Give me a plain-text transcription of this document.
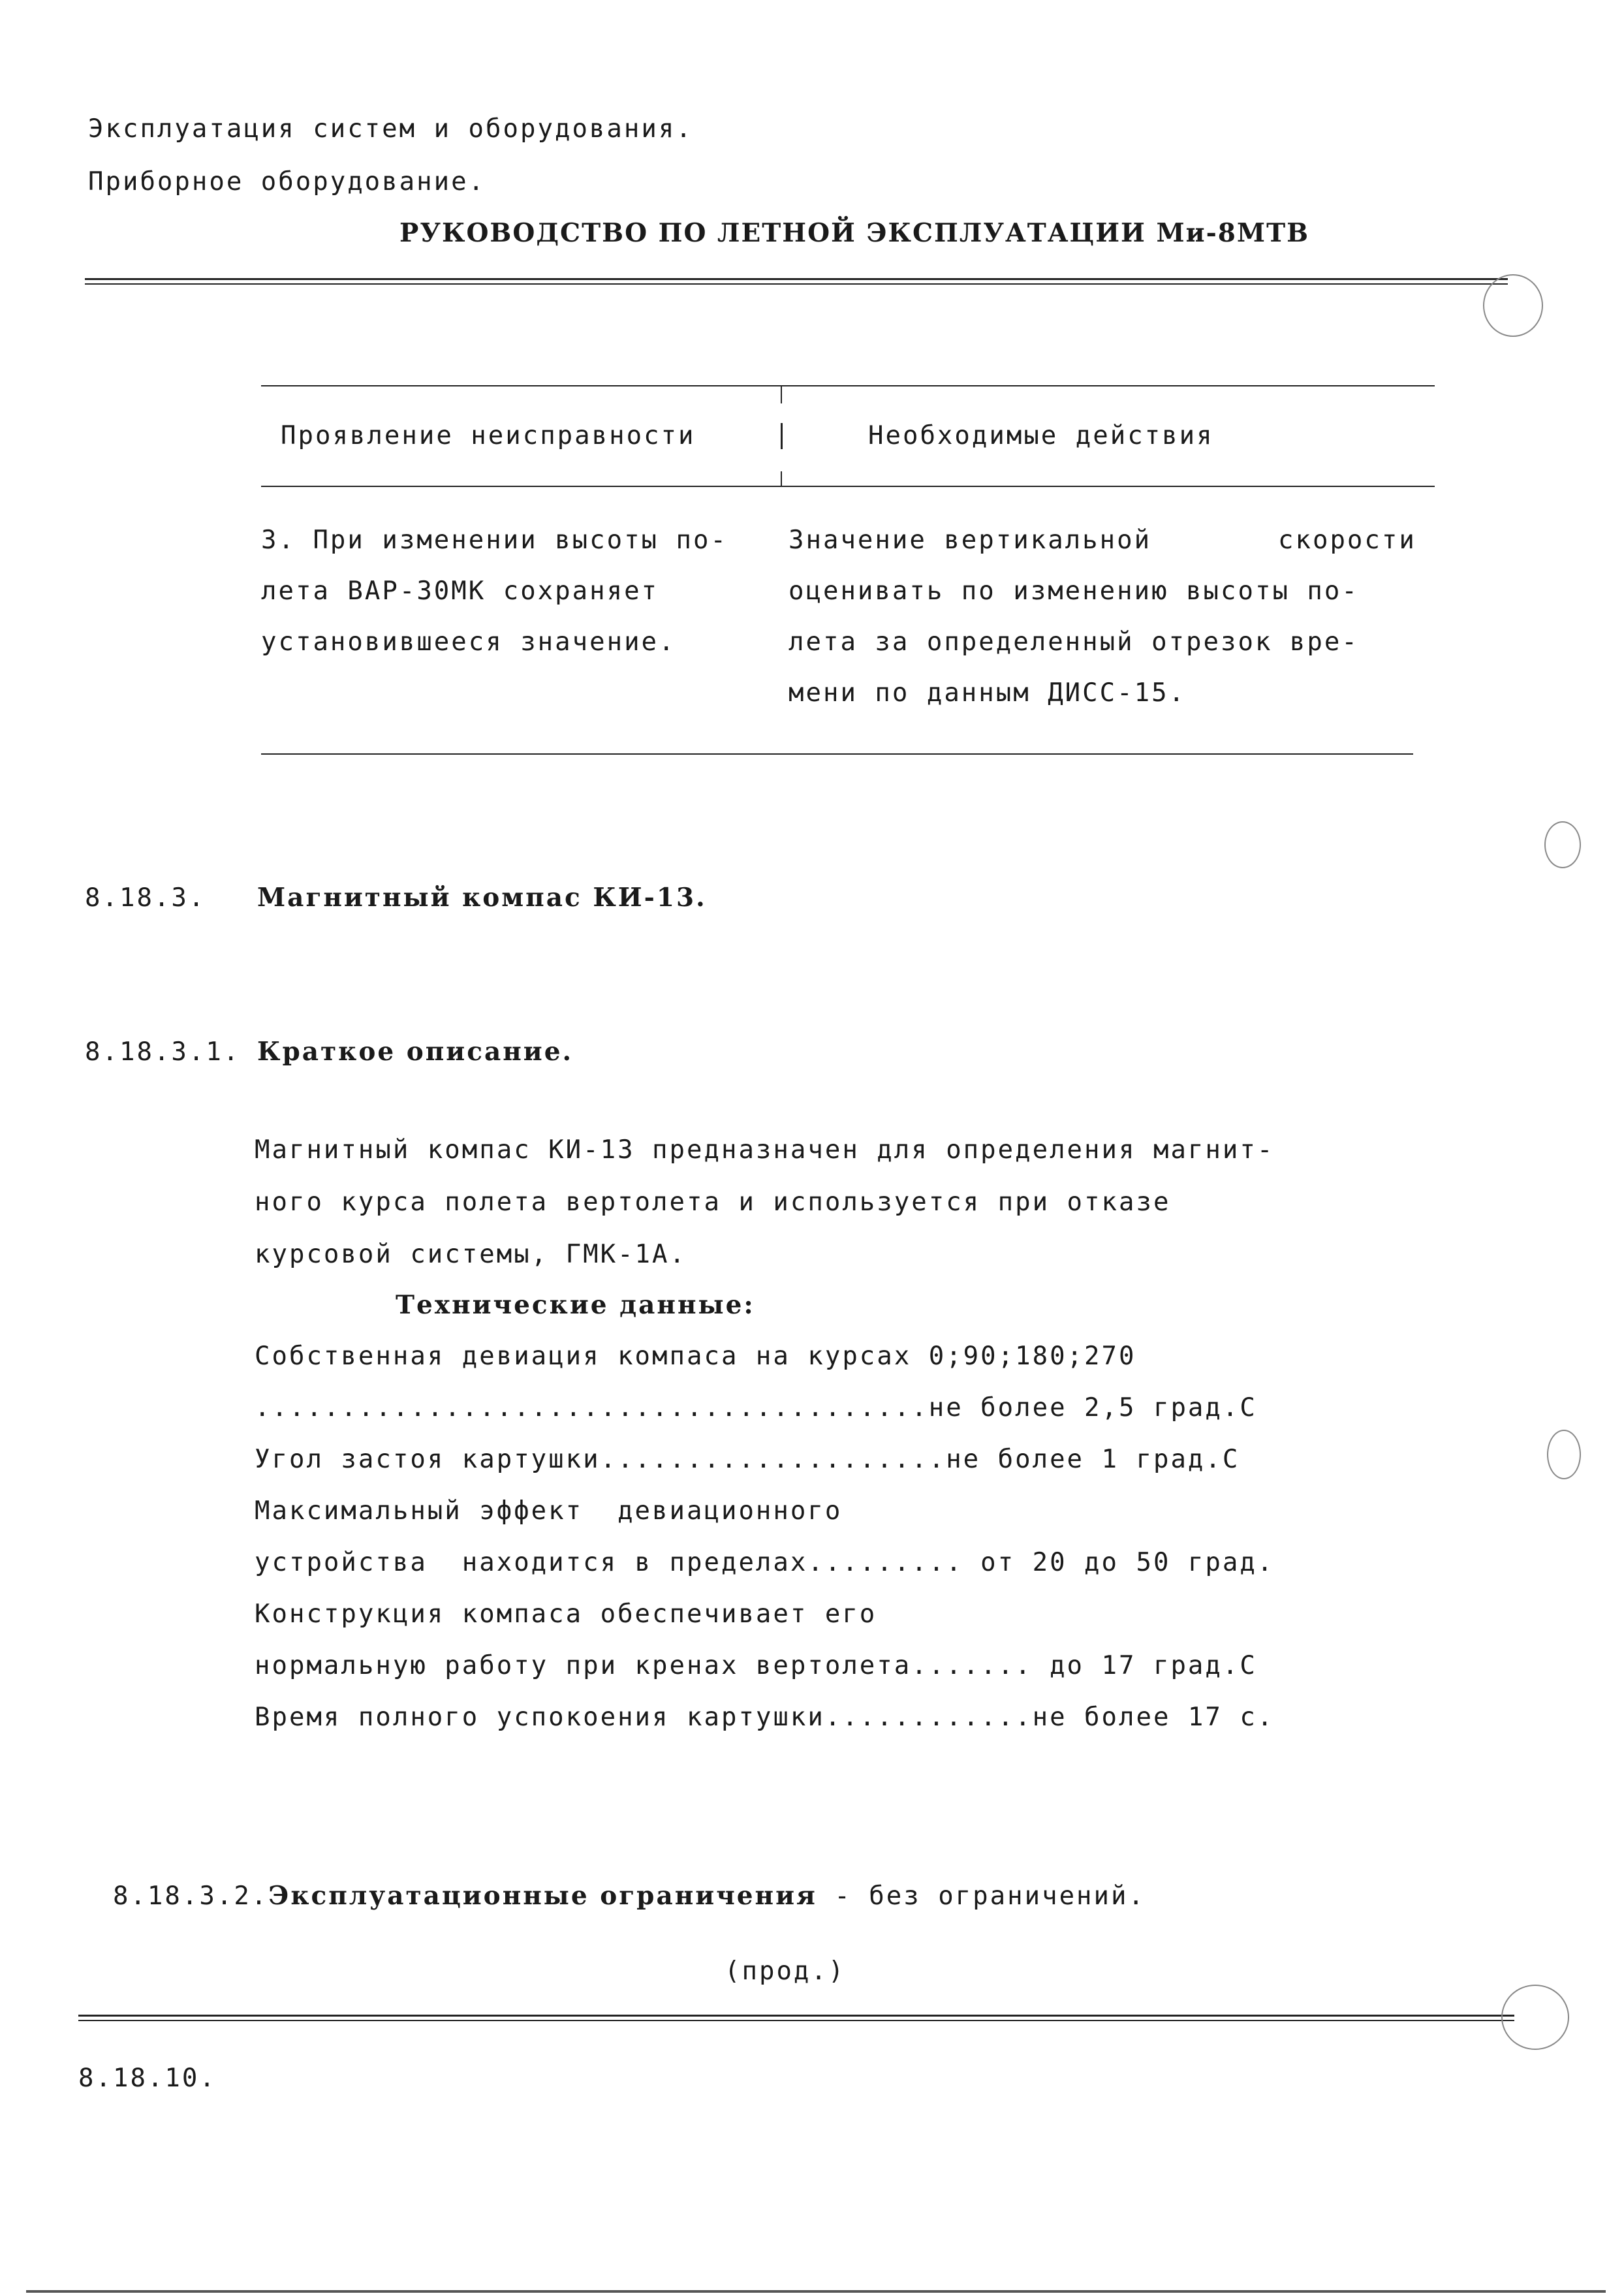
Эксплуатация систем и оборудования.
Приборное оборудование.
РУКОВОДСТВО ПО ЛЕТНОЙ ЭКСПЛУАТАЦИИ Ми-8МТВ
Проявление неисправности	Необходимые действия
3. При изменении высоты по-
лета ВАР-30МК сохраняет
установившееся значение.
Значение вертикальной	скорости
оценивать по изменению высоты по-
лета за определенный отрезок вре-
мени по данным ДИСС-15.
8.18.3. Магнитный компас КИ-13.
8.18.3.1. Краткое описание.
Магнитный компас КИ-13 предназначен для определения магнит-
ного курса полета вертолета и используется при отказе
курсовой системы, ГМК-1А.
Технические данные:
Собственная девиация компаса на курсах 0;90;180;270
.......................................не более 2,5 град.С
Угол застоя картушки....................не более 1 град.С
Максимальный эффект  девиационного
устройства  находится в пределах......... от 20 до 50 град.
Конструкция компаса обеспечивает его
нормальную работу при кренах вертолета....... до 17 град.С
Время полного успокоения картушки............не более 17 с.

8.18.3.2.Эксплуатационные ограничения - без ограничений.

(прод.)
8.18.10.
